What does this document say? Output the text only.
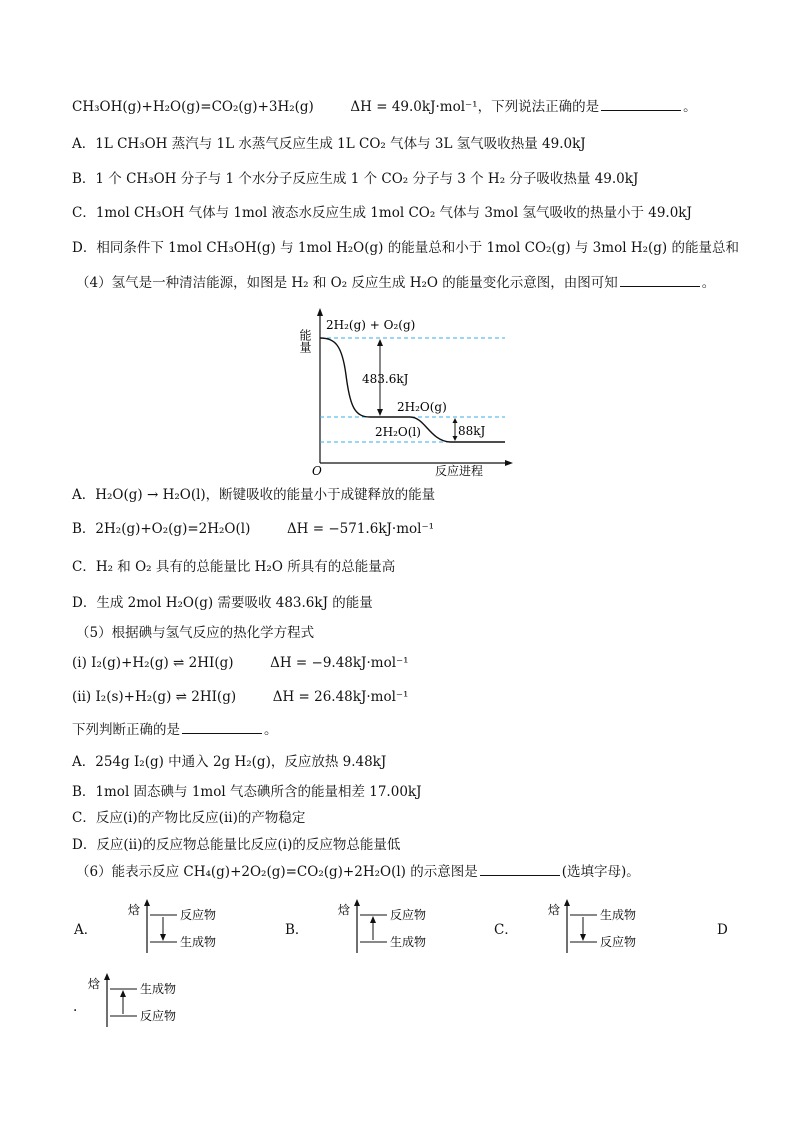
CH₃OH(g)+H₂O(g)=CO₂(g)+3H₂(g)	ΔH = 49.0kJ·mol⁻¹，下列说法正确的是	。
A．1L CH₃OH 蒸汽与 1L 水蒸气反应生成 1L CO₂ 气体与 3L 氢气吸收热量 49.0kJ
B．1 个 CH₃OH 分子与 1 个水分子反应生成 1 个 CO₂ 分子与 3 个 H₂ 分子吸收热量 49.0kJ
C．1mol CH₃OH 气体与 1mol 液态水反应生成 1mol CO₂ 气体与 3mol 氢气吸收的热量小于 49.0kJ
D．相同条件下 1mol CH₃OH(g) 与 1mol H₂O(g) 的能量总和小于 1mol CO₂(g) 与 3mol H₂(g) 的能量总和
（4）氢气是一种清洁能源，如图是 H₂ 和 O₂ 反应生成 H₂O 的能量变化示意图，由图可知	。
能量
2H₂(g) + O₂(g)
483.6kJ
2H₂O(g)
2H₂O(l)	88kJ
O	反应进程
A．H₂O(g) → H₂O(l)，断键吸收的能量小于成键释放的能量
B．2H₂(g)+O₂(g)=2H₂O(l)	ΔH = −571.6kJ·mol⁻¹
C．H₂ 和 O₂ 具有的总能量比 H₂O 所具有的总能量高
D．生成 2mol H₂O(g) 需要吸收 483.6kJ 的能量
（5）根据碘与氢气反应的热化学方程式
(i) I₂(g)+H₂(g) ⇌ 2HI(g)	ΔH = −9.48kJ·mol⁻¹
(ii) I₂(s)+H₂(g) ⇌ 2HI(g)	ΔH = 26.48kJ·mol⁻¹
下列判断正确的是	。
A．254g I₂(g) 中通入 2g H₂(g)，反应放热 9.48kJ
B．1mol 固态碘与 1mol 气态碘所含的能量相差 17.00kJ
C．反应(i)的产物比反应(ii)的产物稳定
D．反应(ii)的反应物总能量比反应(i)的反应物总能量低
（6）能表示反应 CH₄(g)+2O₂(g)=CO₂(g)+2H₂O(l) 的示意图是	(选填字母)。
A．
焓	反应物
生成物
B．
焓	反应物
生成物
C．
焓	生成物
反应物
D
.
焓	生成物
反应物
